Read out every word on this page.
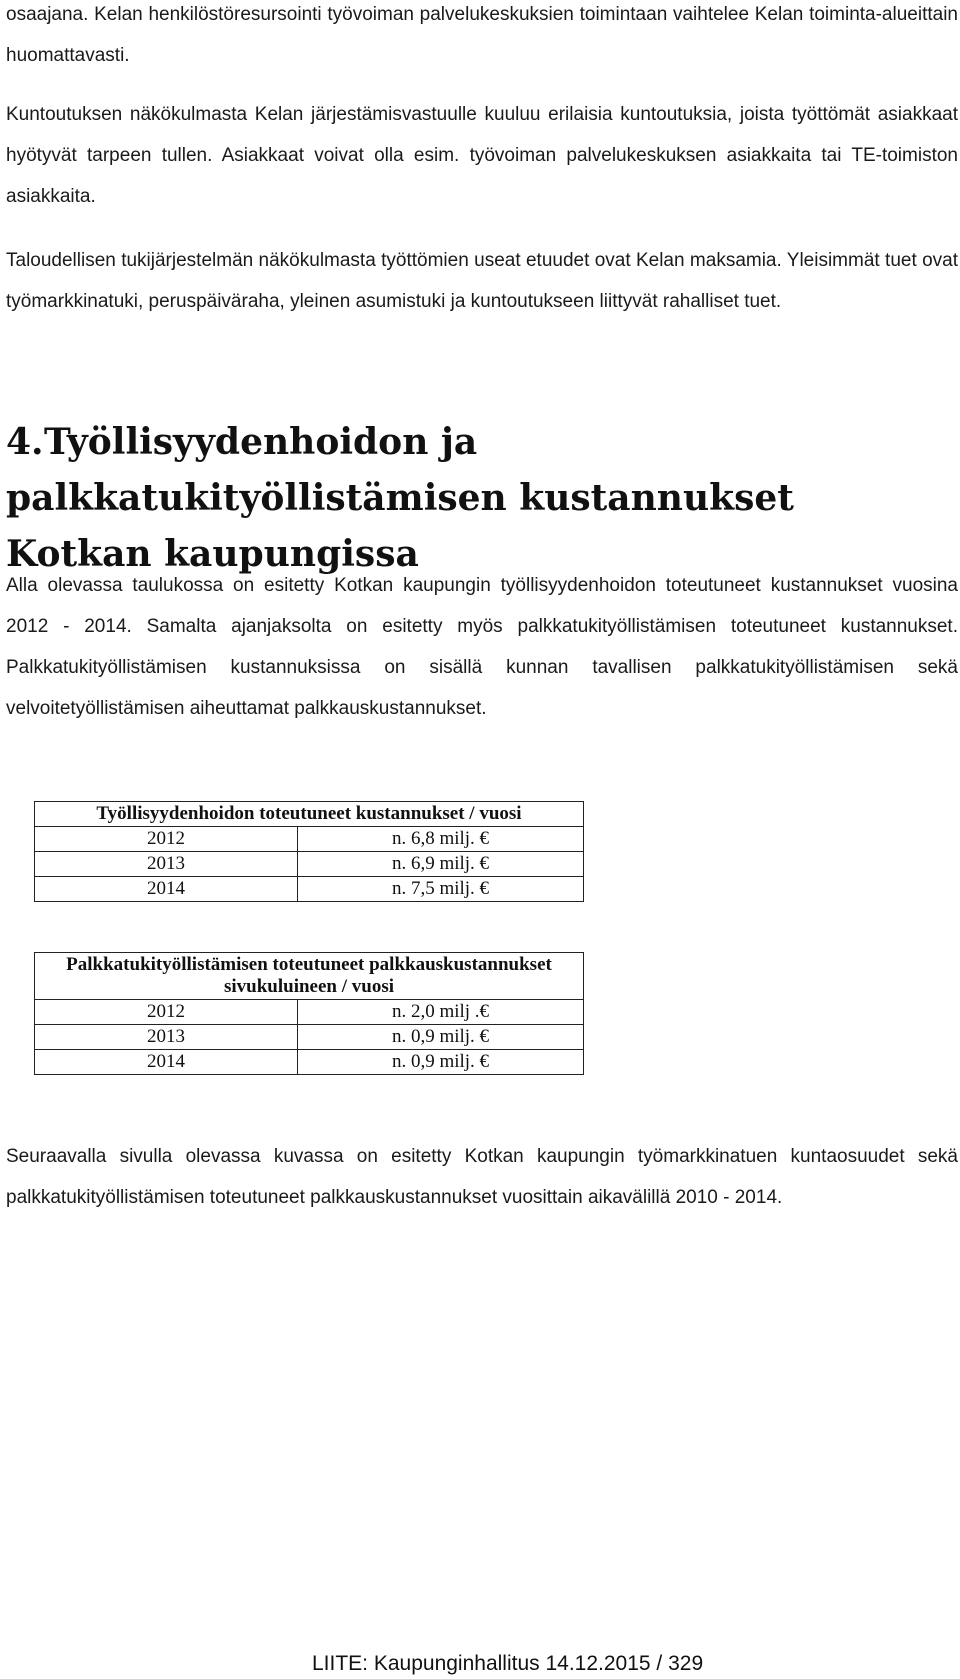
osaajana. Kelan henkilöstöresursointi työvoiman palvelukeskuksien toimintaan vaihtelee Kelan toiminta-alueittain huomattavasti.

Kuntoutuksen näkökulmasta Kelan järjestämisvastuulle kuuluu erilaisia kuntoutuksia, joista työttömät asiakkaat hyötyvät tarpeen tullen. Asiakkaat voivat olla esim. työvoiman palvelukeskuksen asiakkaita tai TE-toimiston asiakkaita.

Taloudellisen tukijärjestelmän näkökulmasta työttömien useat etuudet ovat Kelan maksamia. Yleisimmät tuet ovat työmarkkinatuki, peruspäiväraha, yleinen asumistuki ja kuntoutukseen liittyvät rahalliset tuet.

4.Työllisyydenhoidon ja palkkatukityöllistämisen kustannukset Kotkan kaupungissa

Alla olevassa taulukossa on esitetty Kotkan kaupungin työllisyydenhoidon toteutuneet kustannukset vuosina 2012 - 2014. Samalta ajanjaksolta on esitetty myös palkkatukityöllistämisen toteutuneet kustannukset. Palkkatukityöllistämisen kustannuksissa on sisällä kunnan tavallisen palkkatukityöllistämisen sekä velvoitetyöllistämisen aiheuttamat palkkauskustannukset.

Työllisyydenhoidon toteutuneet kustannukset / vuosi	
2012	n. 6,8 milj. €
2013	n. 6,9 milj. €
2014	n. 7,5 milj. €
Palkkatukityöllistämisen toteutuneet palkkauskustannukset
sivukuluineen / vuosi	

2012	n. 2,0 milj .€
2013	n. 0,9 milj. €
2014	n. 0,9 milj. €

Seuraavalla sivulla olevassa kuvassa on esitetty Kotkan kaupungin työmarkkinatuen kuntaosuudet sekä palkkatukityöllistämisen toteutuneet palkkauskustannukset vuosittain aikavälillä 2010 - 2014.

LIITE: Kaupunginhallitus 14.12.2015 / 329
